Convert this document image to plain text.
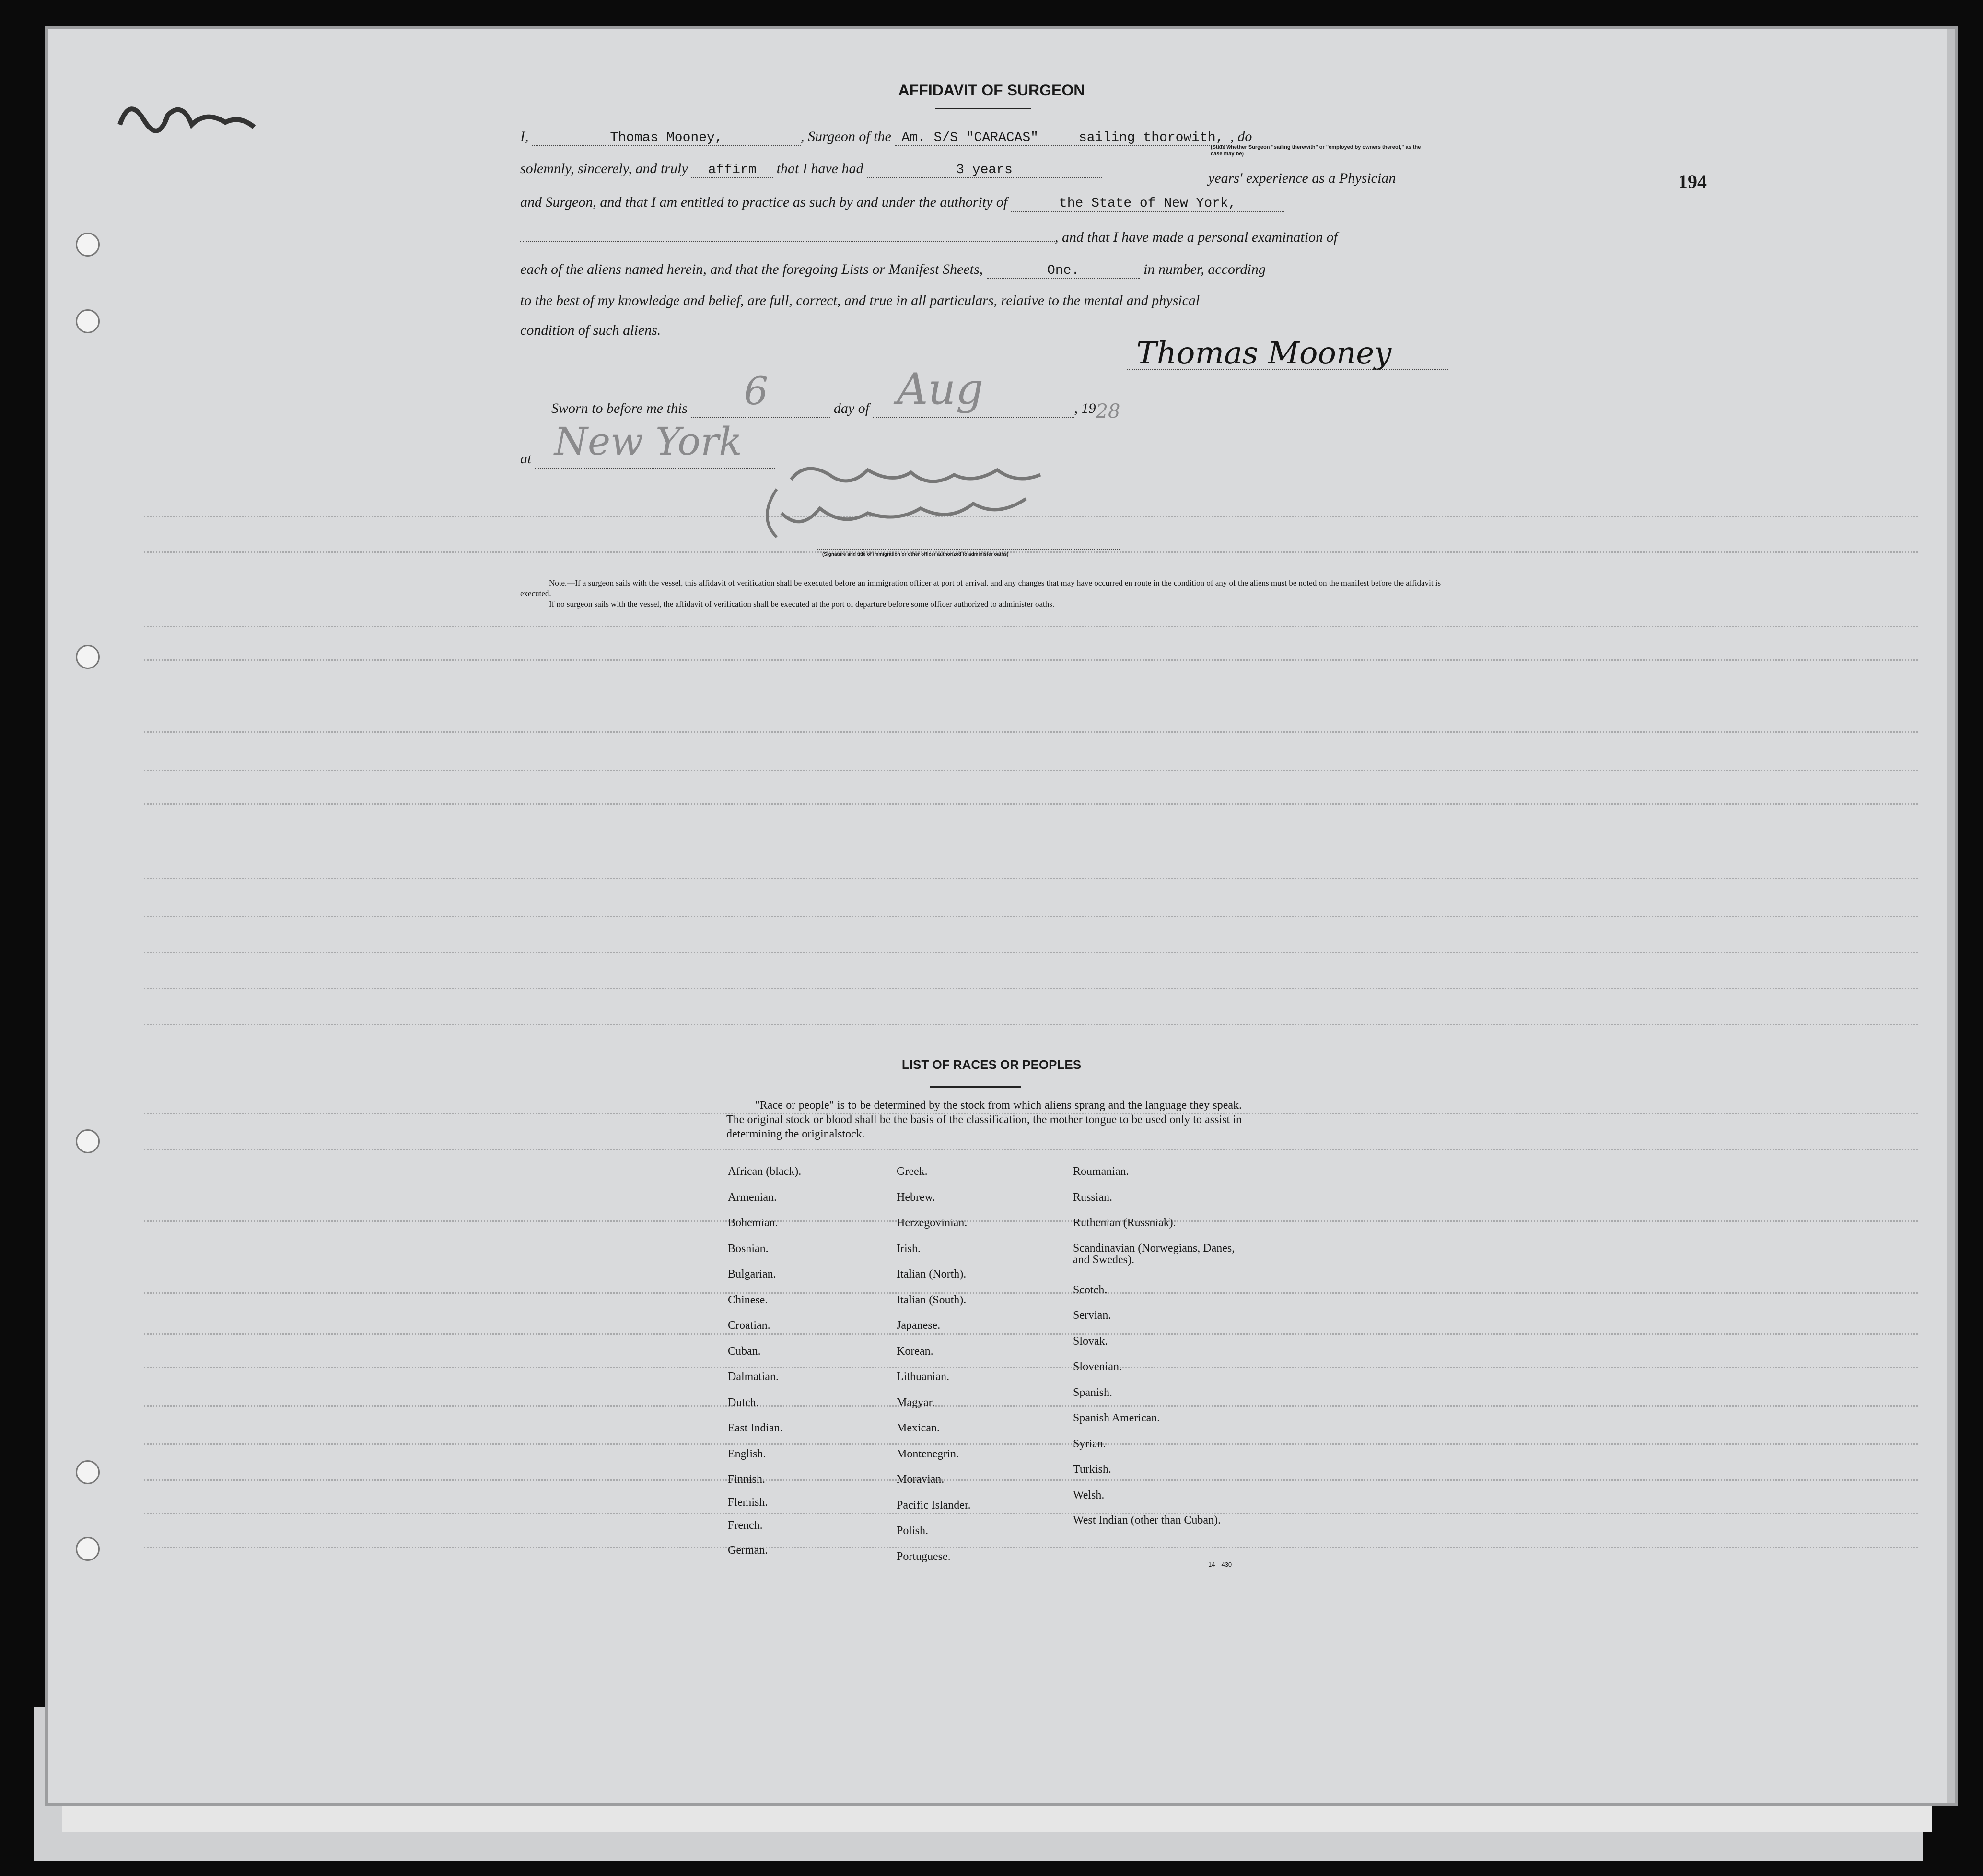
AFFIDAVIT OF SURGEON
194
I,	Thomas Mooney,	, Surgeon of the Am. S/S "CARACAS"	sailing thorowith, , do
(State whether Surgeon "sailing therewith" or "employed by owners thereof," as the case may be)
solemnly, sincerely, and truly affirm that I have had	3 years
years' experience as a Physician
and Surgeon, and that I am entitled to practice as such by and under the authority of	the State of New York,
, and that I have made a personal examination of
each of the aliens named herein, and that the foregoing Lists or Manifest Sheets,	One.	in number, according
to the best of my knowledge and belief, are full, correct, and true in all particulars, relative to the mental and physical
condition of such aliens.
Thomas Mooney
Sworn to before me this 6	day of Aug	, 19 28
at New York

(Signature and title of immigration or other officer authorized to administer oaths)
Note.—If a surgeon sails with the vessel, this affidavit of verification shall be executed before an immigration officer at port of arrival, and any changes that may have occurred en route in the condition of any of the aliens must be noted on the manifest before the affidavit is executed.
If no surgeon sails with the vessel, the affidavit of verification shall be executed at the port of departure before some officer authorized to administer oaths.
LIST OF RACES OR PEOPLES
"Race or people" is to be determined by the stock from which aliens sprang and the language they speak. The original stock or blood shall be the basis of the classification, the mother tongue to be used only to assist in determining the originalstock.
African (black).
Armenian.
Bohemian.
Bosnian.
Bulgarian.
Chinese.
Croatian.
Cuban.
Dalmatian.
Dutch.
East Indian.
English.
Finnish.
Flemish.
French.
German.
Greek.
Hebrew.
Herzegovinian.
Irish.
Italian (North).
Italian (South).
Japanese.
Korean.
Lithuanian.
Magyar.
Mexican.
Montenegrin.
Moravian.
Pacific Islander.
Polish.
Portuguese.
Roumanian.
Russian.
Ruthenian (Russniak).
Scandinavian (Norwegians, Danes, and Swedes).
Scotch.
Servian.
Slovak.
Slovenian.
Spanish.
Spanish American.
Syrian.
Turkish.
Welsh.
West Indian (other than Cuban).
14—430
